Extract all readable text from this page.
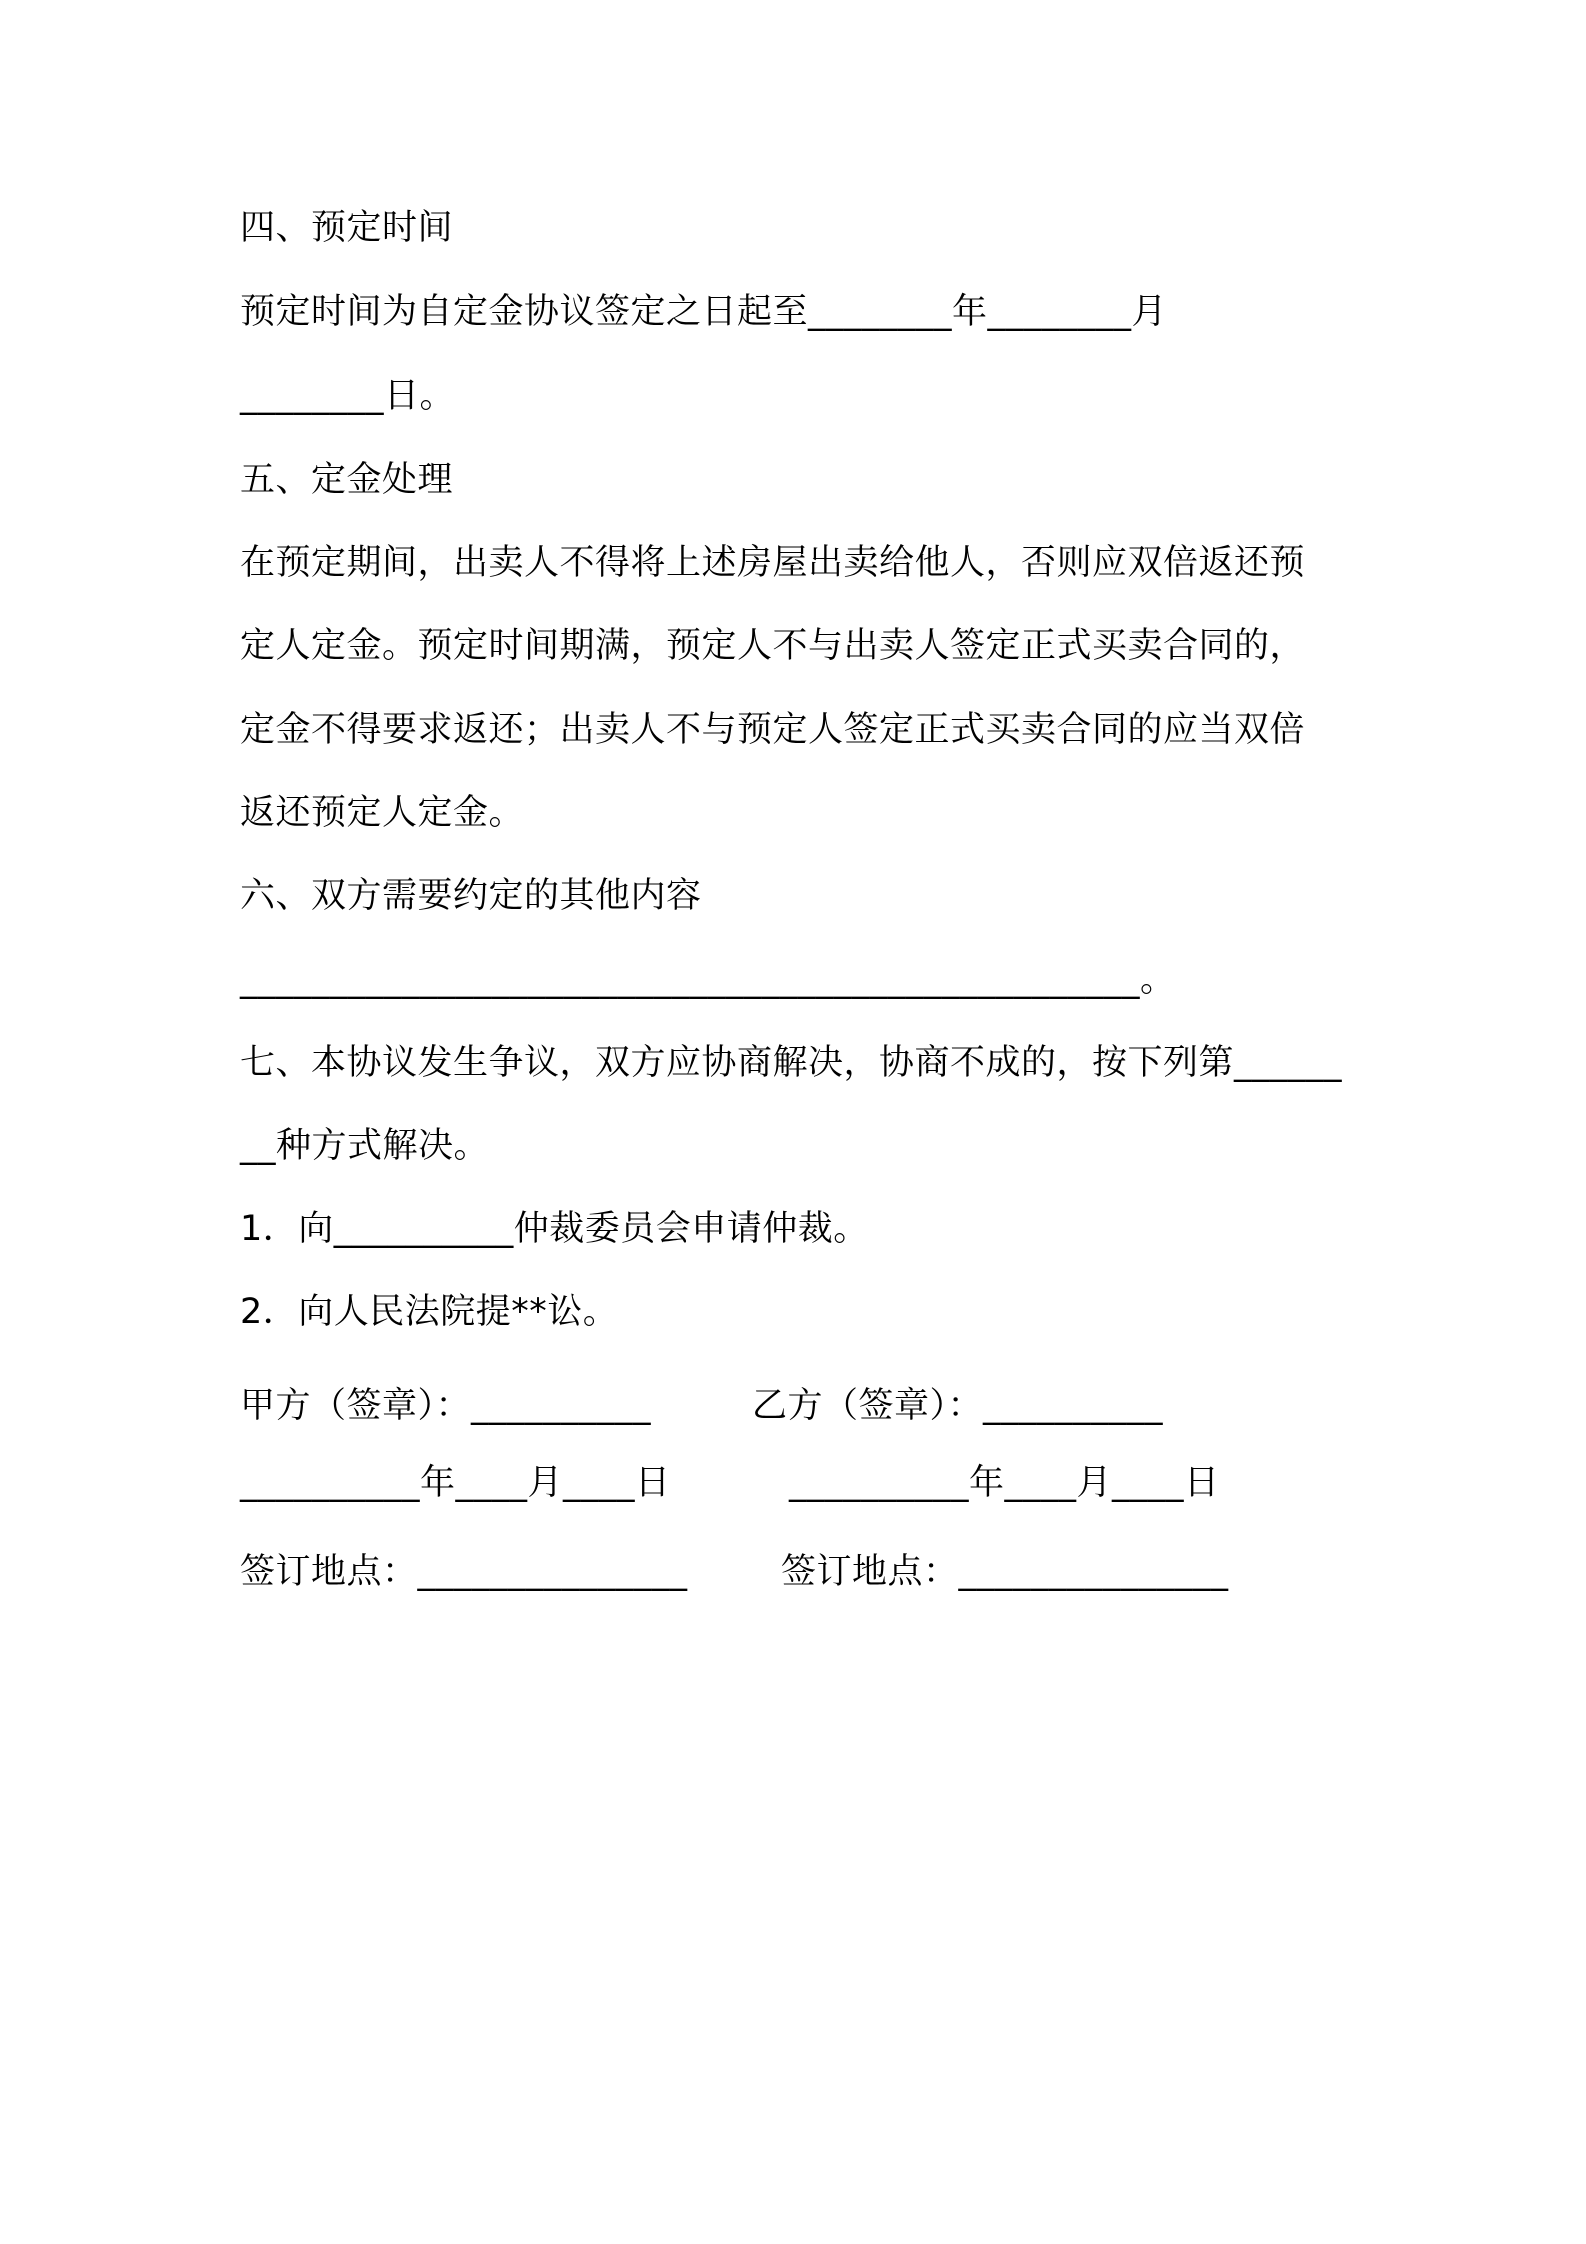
四、预定时间

预定时间为自定金协议签定之日起至________年________月

________日。

五、定金处理

在预定期间，出卖人不得将上述房屋出卖给他人，否则应双倍返还预

定人定金。预定时间期满，预定人不与出卖人签定正式买卖合同的，

定金不得要求返还；出卖人不与预定人签定正式买卖合同的应当双倍

返还预定人定金。

六、双方需要约定的其他内容

__________________________________________________。

七、本协议发生争议，双方应协商解决，协商不成的，按下列第______

__种方式解决。

1．向__________仲裁委员会申请仲裁。

2．向人民法院提**讼。

甲方（签章）：__________	乙方（签章）：__________

__________年____月____日	__________年____月____日

签订地点：_______________	签订地点：_______________
